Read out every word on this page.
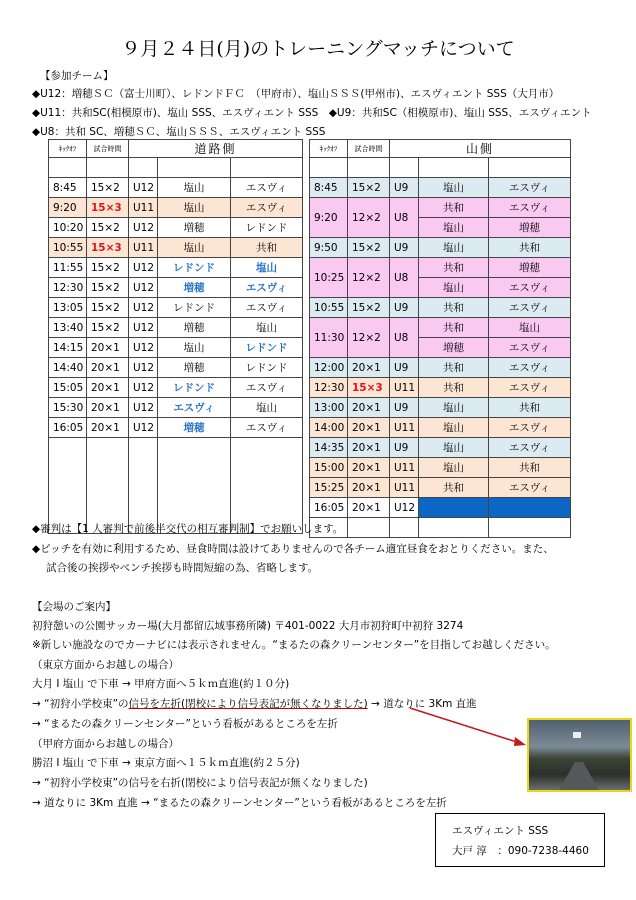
９月２４日(月)のトレーニングマッチについて
【参加チーム】
◆U12：増穂ＳＣ（富士川町）、レドンドＦＣ　（甲府市）、塩山ＳＳＳ(甲州市)、エスヴィエント SSS（大月市）
◆U11：共和SC(相模原市)、塩山 SSS、エスヴィエント SSS　◆U9：共和SC（相模原市)、塩山 SSS、エスヴィエント
◆U8：共和 SC、増穂ＳＣ、塩山ＳＳＳ、エスヴィエント SSS
ｷｯｸｵﾌ	試合時間	道路側		

8:45	15×2	U12	塩山	エスヴィ
9:20	15×3	U11	塩山	エスヴィ
10:20	15×2	U12	増穂	レドンド
10:55	15×3	U11	塩山	共和
11:55	15×2	U12	レドンド	塩山
12:30	15×2	U12	増穂	エスヴィ
13:05	15×2	U12	レドンド	エスヴィ
13:40	15×2	U12	増穂	塩山
14:15	20×1	U12	塩山	レドンド
14:40	20×1	U12	増穂	レドンド
15:05	20×1	U12	レドンド	エスヴィ
15:30	20×1	U12	エスヴィ	塩山
16:05	20×1	U12	増穂	エスヴィ

ｷｯｸｵﾌ	試合時間	山側		

8:45	15×2	U9	塩山	エスヴィ
9:20	12×2	U8	共和	エスヴィ
			塩山	増穂
9:50	15×2	U9	塩山	共和
10:25	12×2	U8	共和	増穂
			塩山	エスヴィ
10:55	15×2	U9	共和	エスヴィ
11:30	12×2	U8	共和	塩山
			増穂	エスヴィ
12:00	20×1	U9	共和	エスヴィ
12:30	15×3	U11	共和	エスヴィ
13:00	20×1	U9	塩山	共和
14:00	20×1	U11	塩山	エスヴィ
14:35	20×1	U9	塩山	エスヴィ
15:00	20×1	U11	塩山	共和
15:25	20×1	U11	共和	エスヴィ
16:05	20×1	U12		

◆審判は【1 人審判で前後半交代の相互審判制】でお願いします。
◆ピッチを有効に利用するため、昼食時間は設けてありませんので各チーム適宜昼食をおとりください。また、
試合後の挨拶やベンチ挨拶も時間短縮の為、省略します。
【会場のご案内】
初狩憩いの公園サッカー場(大月都留広域事務所隣) 〒401-0022 大月市初狩町中初狩 3274
※新しい施設なのでカーナビには表示されません。“まるたの森クリーンセンター”を目指してお越しください。
（東京方面からお越しの場合）
大月 I 塩山 で下車 → 甲府方面へ５ｋｍ直進(約１０分)
→ “初狩小学校東”の信号を左折(閉校により信号表記が無くなりました) → 道なりに 3Km 直進
→ “まるたの森クリーンセンター”という看板があるところを左折
（甲府方面からお越しの場合）
勝沼 I 塩山 で下車 → 東京方面へ１５ｋｍ直進(約２５分)
→ “初狩小学校東”の信号を右折(閉校により信号表記が無くなりました)
→ 道なりに 3Km 直進 → “まるたの森クリーンセンター”という看板があるところを左折
エスヴィエント SSS
大戸 淳　：090-7238-4460
